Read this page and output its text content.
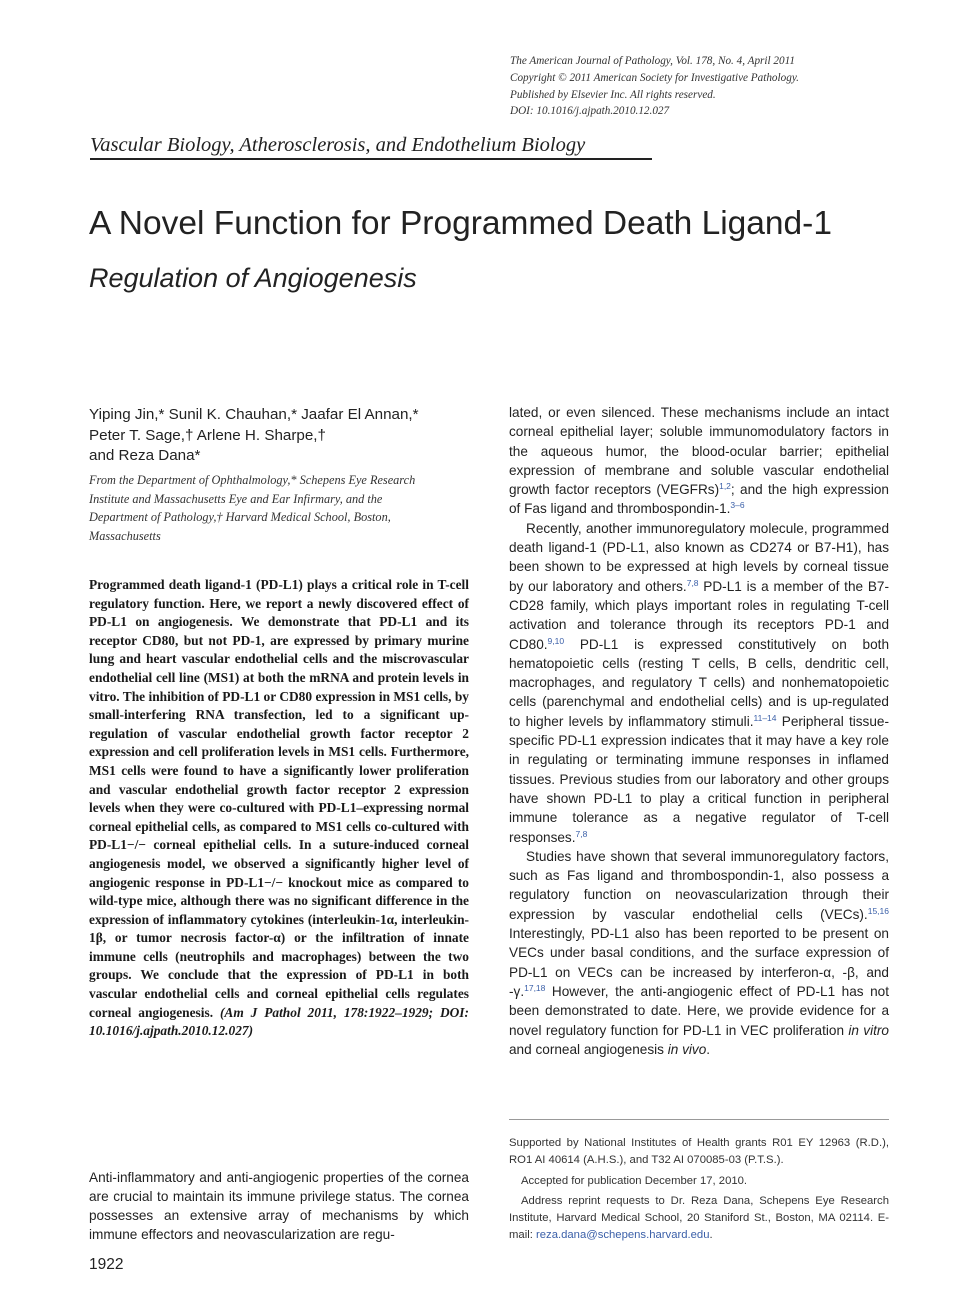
The American Journal of Pathology, Vol. 178, No. 4, April 2011
Copyright © 2011 American Society for Investigative Pathology.
Published by Elsevier Inc. All rights reserved.
DOI: 10.1016/j.ajpath.2010.12.027
Vascular Biology, Atherosclerosis, and Endothelium Biology
A Novel Function for Programmed Death Ligand-1
Regulation of Angiogenesis
Yiping Jin,* Sunil K. Chauhan,* Jaafar El Annan,*
Peter T. Sage,† Arlene H. Sharpe,†
and Reza Dana*
From the Department of Ophthalmology,* Schepens Eye Research
Institute and Massachusetts Eye and Ear Infirmary, and the
Department of Pathology,† Harvard Medical School, Boston,
Massachusetts
Programmed death ligand-1 (PD-L1) plays a critical role in T-cell regulatory function. Here, we report a newly discovered effect of PD-L1 on angiogenesis. We demonstrate that PD-L1 and its receptor CD80, but not PD-1, are expressed by primary murine lung and heart vascular endothelial cells and the miscrovascular endothelial cell line (MS1) at both the mRNA and protein levels in vitro. The inhibition of PD-L1 or CD80 expression in MS1 cells, by small-interfering RNA transfection, led to a significant up-regulation of vascular endothelial growth factor receptor 2 expression and cell proliferation levels in MS1 cells. Furthermore, MS1 cells were found to have a significantly lower proliferation and vascular endothelial growth factor receptor 2 expression levels when they were co-cultured with PD-L1–expressing normal corneal epithelial cells, as compared to MS1 cells co-cultured with PD-L1−/− corneal epithelial cells. In a suture-induced corneal angiogenesis model, we observed a significantly higher level of angiogenic response in PD-L1−/− knockout mice as compared to wild-type mice, although there was no significant difference in the expression of inflammatory cytokines (interleukin-1α, interleukin-1β, or tumor necrosis factor-α) or the infiltration of innate immune cells (neutrophils and macrophages) between the two groups. We conclude that the expression of PD-L1 in both vascular endothelial cells and corneal epithelial cells regulates corneal angiogenesis. (Am J Pathol 2011, 178:1922–1929; DOI: 10.1016/j.ajpath.2010.12.027)

Anti-inflammatory and anti-angiogenic properties of the cornea are crucial to maintain its immune privilege status. The cornea possesses an extensive array of mechanisms by which immune effectors and neovascularization are regu-

lated, or even silenced. These mechanisms include an intact corneal epithelial layer; soluble immunomodulatory factors in the aqueous humor, the blood-ocular barrier; epithelial expression of membrane and soluble vascular endothelial growth factor receptors (VEGFRs)$^{1,2}$; and the high expression of Fas ligand and thrombospondin-1.$^{3-6}$

Recently, another immunoregulatory molecule, programmed death ligand-1 (PD-L1, also known as CD274 or B7-H1), has been shown to be expressed at high levels by corneal tissue by our laboratory and others.$^{7,8}$ PD-L1 is a member of the B7-CD28 family, which plays important roles in regulating T-cell activation and tolerance through its receptors PD-1 and CD80.$^{9,10}$ PD-L1 is expressed constitutively on both hematopoietic cells (resting T cells, B cells, dendritic cell, macrophages, and regulatory T cells) and nonhematopoietic cells (parenchymal and endothelial cells) and is up-regulated to higher levels by inflammatory stimuli.$^{11-14}$ Peripheral tissue-specific PD-L1 expression indicates that it may have a key role in regulating or terminating immune responses in inflamed tissues. Previous studies from our laboratory and other groups have shown PD-L1 to play a critical function in peripheral immune tolerance as a negative regulator of T-cell responses.$^{7,8}$

Studies have shown that several immunoregulatory factors, such as Fas ligand and thrombospondin-1, also possess a regulatory function on neovascularization through their expression by vascular endothelial cells (VECs).$^{15,16}$ Interestingly, PD-L1 also has been reported to be present on VECs under basal conditions, and the surface expression of PD-L1 on VECs can be increased by interferon-α, -β, and -γ.$^{17,18}$ However, the anti-angiogenic effect of PD-L1 has not been demonstrated to date. Here, we provide evidence for a novel regulatory function for PD-L1 in VEC proliferation in vitro and corneal angiogenesis in vivo.

Supported by National Institutes of Health grants R01 EY 12963 (R.D.), RO1 AI 40614 (A.H.S.), and T32 AI 070085-03 (P.T.S.).

Accepted for publication December 17, 2010.

Address reprint requests to Dr. Reza Dana, Schepens Eye Research Institute, Harvard Medical School, 20 Staniford St., Boston, MA 02114. E-mail: reza.dana@schepens.harvard.edu.

1922
